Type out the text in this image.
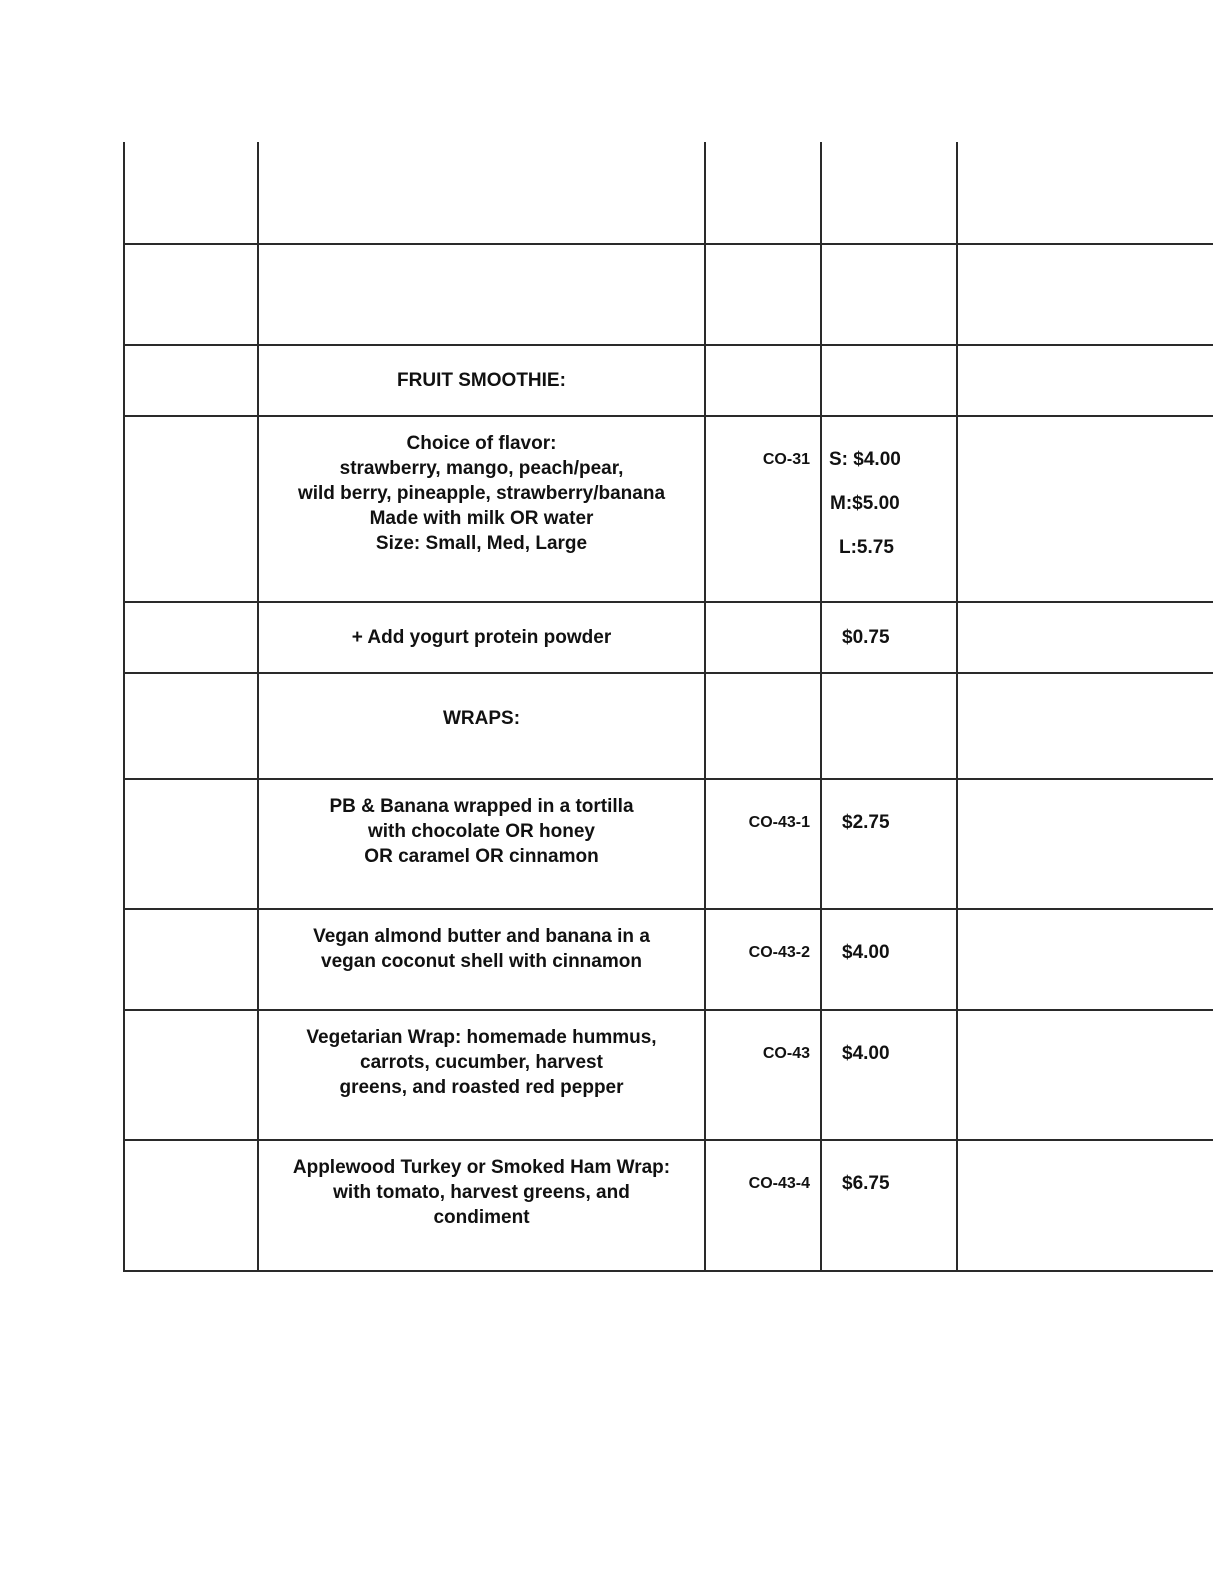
	FRUIT SMOOTHIE:			

	Choice of flavor:
strawberry, mango, peach/pear,
wild berry, pineapple, strawberry/banana
Made with milk OR water
Size: Small, Med, Large	CO-31	S: $4.00
M:$5.00
L:5.75	

	+ Add yogurt protein powder		$0.75	

	WRAPS:			

	PB & Banana wrapped in a tortilla
with chocolate OR honey
OR caramel OR cinnamon	CO-43-1	$2.75	

	Vegan almond butter and banana in a
vegan coconut shell with cinnamon	CO-43-2	$4.00	

	Vegetarian Wrap: homemade hummus,
carrots, cucumber, harvest
greens, and roasted red pepper	CO-43	$4.00	

	Applewood Turkey or Smoked Ham Wrap:
with tomato, harvest greens, and
condiment	CO-43-4	$6.75	
